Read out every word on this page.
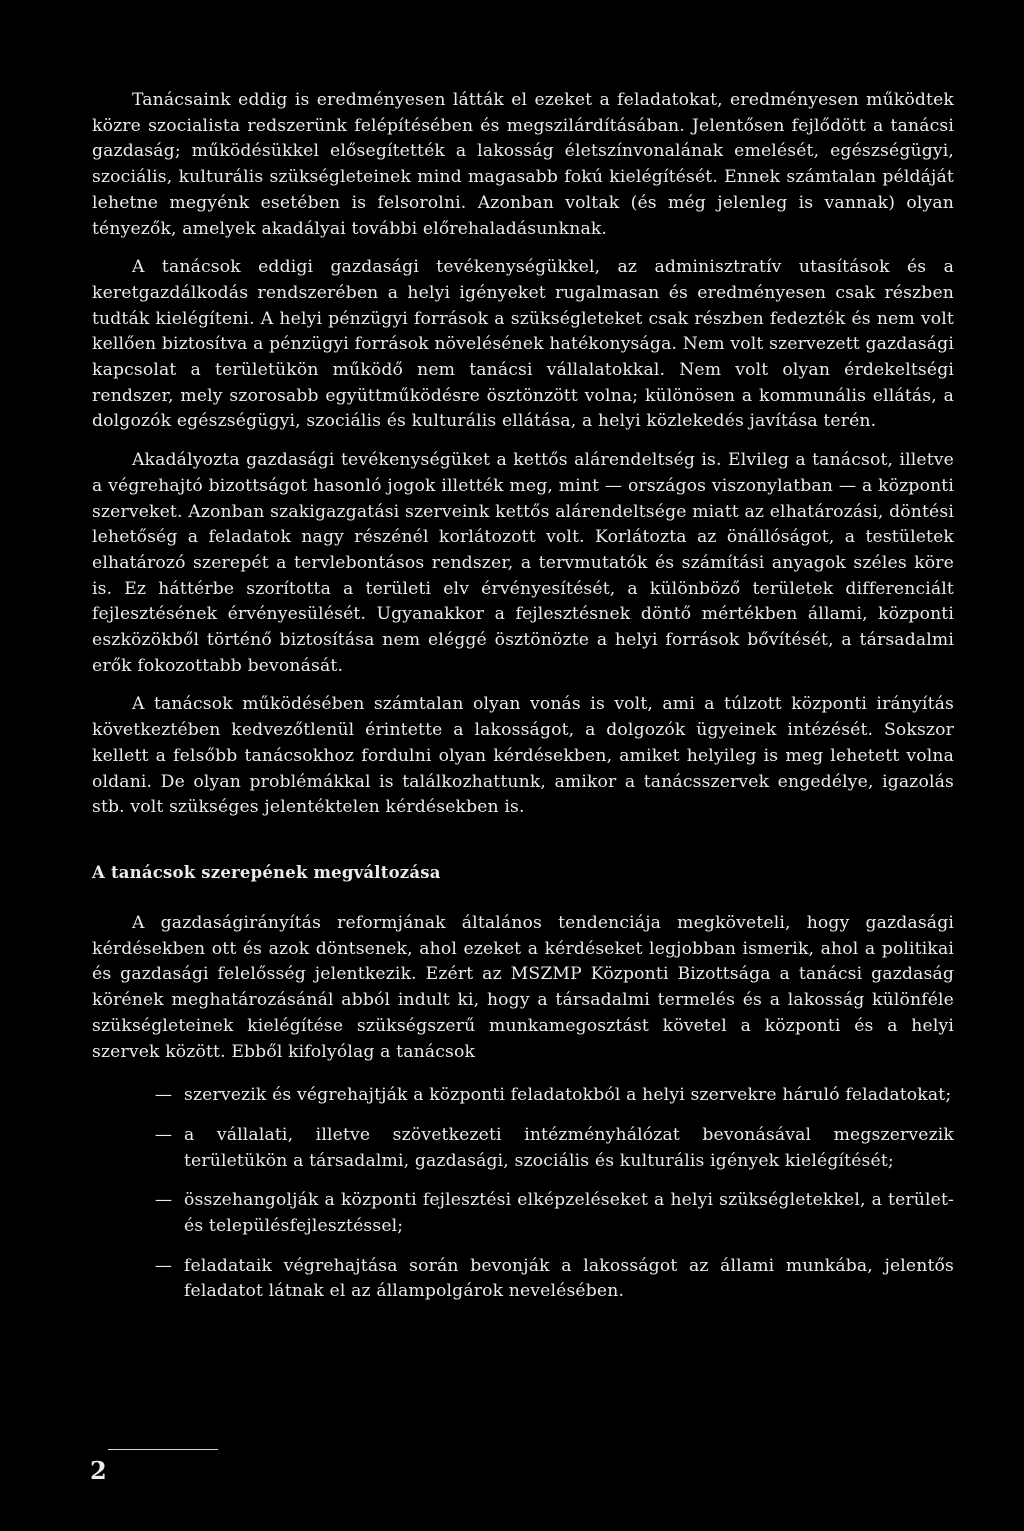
Tanácsaink eddig is eredményesen látták el ezeket a feladatokat, eredményesen működtek közre szocialista redszerünk felépítésében és megszilárdításában. Jelentősen fejlődött a tanácsi gazdaság; működésükkel elősegítették a lakosság életszínvonalának emelését, egészségügyi, szociális, kulturális szükségleteinek mind magasabb fokú kielégítését. Ennek számtalan példáját lehetne megyénk esetében is felsorolni. Azonban voltak (és még jelenleg is vannak) olyan tényezők, amelyek akadályai további előrehaladásunknak.

A tanácsok eddigi gazdasági tevékenységükkel, az adminisztratív utasítások és a keretgazdálkodás rendszerében a helyi igényeket rugalmasan és eredményesen csak részben tudták kielégíteni. A helyi pénzügyi források a szükségleteket csak részben fedezték és nem volt kellően biztosítva a pénzügyi források növelésének hatékonysága. Nem volt szervezett gazdasági kapcsolat a területükön működő nem tanácsi vállalatokkal. Nem volt olyan érdekeltségi rendszer, mely szorosabb együttműködésre ösztönzött volna; különösen a kommunális ellátás, a dolgozók egészségügyi, szociális és kulturális ellátása, a helyi közlekedés javítása terén.

Akadályozta gazdasági tevékenységüket a kettős alárendeltség is. Elvileg a tanácsot, illetve a végrehajtó bizottságot hasonló jogok illették meg, mint — országos viszonylatban — a központi szerveket. Azonban szakigazgatási szerveink kettős alárendeltsége miatt az elhatározási, döntési lehetőség a feladatok nagy részénél korlátozott volt. Korlátozta az önállóságot, a testületek elhatározó szerepét a tervlebontásos rendszer, a tervmutatók és számítási anyagok széles köre is. Ez háttérbe szorította a területi elv érvényesítését, a különböző területek differenciált fejlesztésének érvényesülését. Ugyanakkor a fejlesztésnek döntő mértékben állami, központi eszközökből történő biztosítása nem eléggé ösztönözte a helyi források bővítését, a társadalmi erők fokozottabb bevonását.

A tanácsok működésében számtalan olyan vonás is volt, ami a túlzott központi irányítás következtében kedvezőtlenül érintette a lakosságot, a dolgozók ügyeinek intézését. Sokszor kellett a felsőbb tanácsokhoz fordulni olyan kérdésekben, amiket helyileg is meg lehetett volna oldani. De olyan problémákkal is találkozhattunk, amikor a tanácsszervek engedélye, igazolás stb. volt szükséges jelentéktelen kérdésekben is.

A tanácsok szerepének megváltozása

A gazdaságirányítás reformjának általános tendenciája megköveteli, hogy gazdasági kérdésekben ott és azok döntsenek, ahol ezeket a kérdéseket legjobban ismerik, ahol a politikai és gazdasági felelősség jelentkezik. Ezért az MSZMP Központi Bizottsága a tanácsi gazdaság körének meghatározásánál abból indult ki, hogy a társadalmi termelés és a lakosság különféle szükségleteinek kielégítése szükségszerű munkamegosztást követel a központi és a helyi szervek között. Ebből kifolyólag a tanácsok

— szervezik és végrehajtják a központi feladatokból a helyi szervekre háruló feladatokat;
— a vállalati, illetve szövetkezeti intézményhálózat bevonásával megszervezik területükön a társadalmi, gazdasági, szociális és kulturális igények kielégítését;
— összehangolják a központi fejlesztési elképzeléseket a helyi szükségletekkel, a terület- és településfejlesztéssel;
— feladataik végrehajtása során bevonják a lakosságot az állami munkába, jelentős feladatot látnak el az állampolgárok nevelésében.
2
